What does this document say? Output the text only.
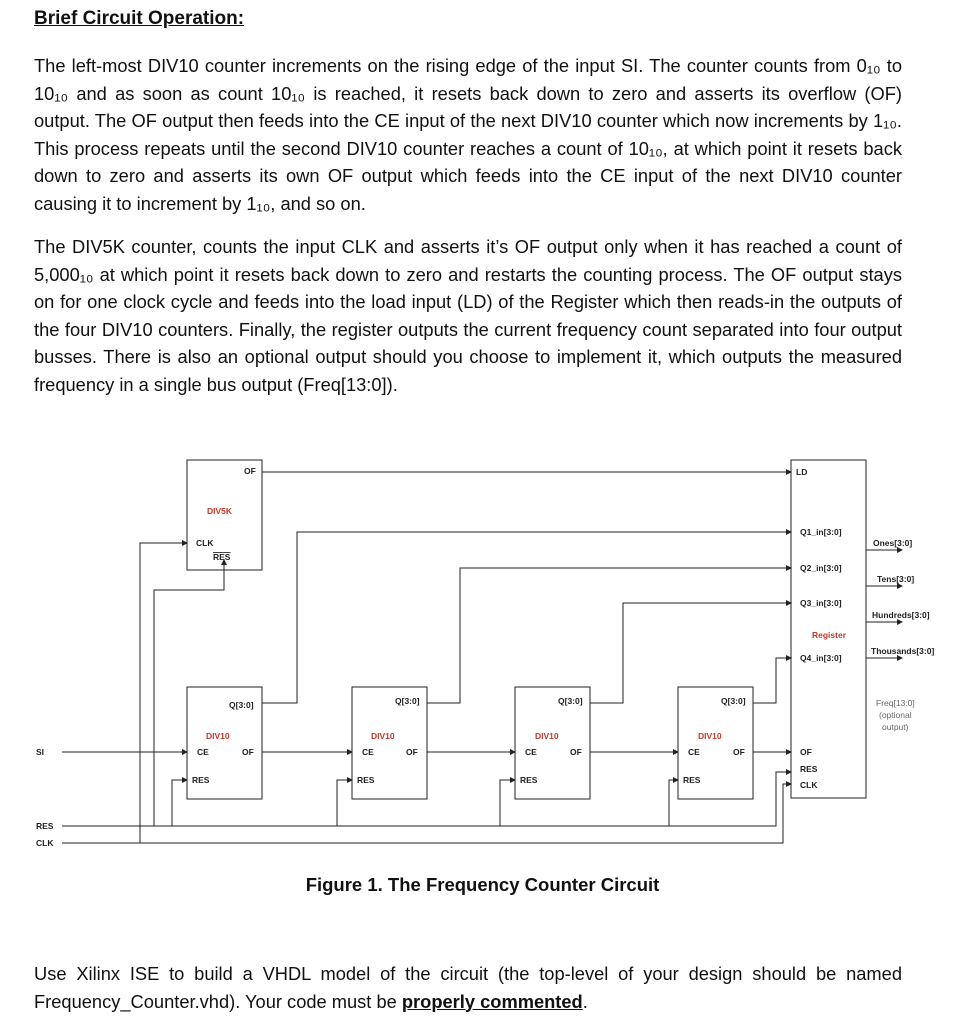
Brief Circuit Operation:

The left-most DIV10 counter increments on the rising edge of the input SI. The counter counts from 0₁₀ to 10₁₀ and as soon as count 10₁₀ is reached, it resets back down to zero and asserts its overflow (OF) output. The OF output then feeds into the CE input of the next DIV10 counter which now increments by 1₁₀. This process repeats until the second DIV10 counter reaches a count of 10₁₀, at which point it resets back down to zero and asserts its own OF output which feeds into the CE input of the next DIV10 counter causing it to increment by 1₁₀, and so on.

The DIV5K counter, counts the input CLK and asserts it’s OF output only when it has reached a count of 5,000₁₀ at which point it resets back down to zero and restarts the counting process. The OF output stays on for one clock cycle and feeds into the load input (LD) of the Register which then reads-in the outputs of the four DIV10 counters. Finally, the register outputs the current frequency count separated into four output busses. There is also an optional output should you choose to implement it, which outputs the measured frequency in a single bus output (Freq[13:0]).

OF
DIV5K
CLK
RES
Q[3:0]
DIV10
CE	OF
RES
Q[3:0]
DIV10
CE	OF
RES
Q[3:0]
DIV10
CE	OF
RES
Q[3:0]
DIV10
CE	OF
RES
LD
Q1_in[3:0]
Q2_in[3:0]
Q3_in[3:0]
Register
Q4_in[3:0]
OF
RES
CLK
Ones[3:0]
Tens[3:0]
Hundreds[3:0]
Thousands[3:0]
Freq[13:0]
(optional
output)
SI
RES
CLK

Figure 1. The Frequency Counter Circuit

Use Xilinx ISE to build a VHDL model of the circuit (the top-level of your design should be named Frequency_Counter.vhd). Your code must be properly commented.
